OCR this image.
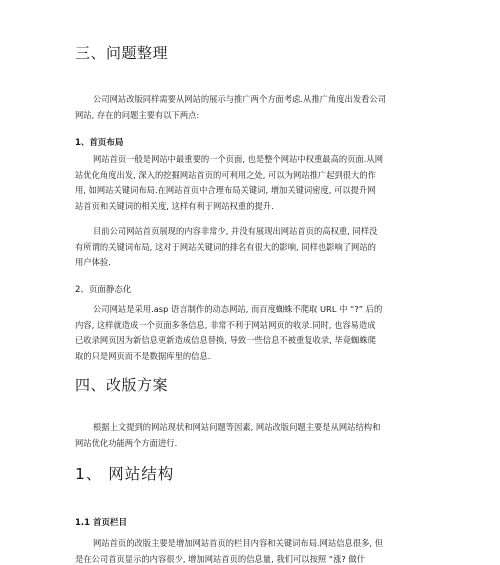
三、问题整理

公司网站改版同样需要从网站的展示与推广两个方面考虑.从推广角度出发看公司
网站, 存在的问题主要有以下两点:

1、首页布局

网站首页一般是网站中最重要的一个页面, 也是整个网站中权重最高的页面.从网
站优化角度出发, 深入的挖掘网站首页的可利用之处, 可以为网站推广起到很大的作
用, 如网站关键词布局.在网站首页中合理布局关键词, 增加关键词密度, 可以提升网
站首页和关键词的相关度, 这样有利于网站权重的提升.

目前公司网站首页展现的内容非常少, 并没有展现出网站首页的高权重, 同样没
有所谓的关键词布局, 这对于网站关键词的排名有很大的影响, 同样也影响了网站的
用户体验.

2、页面静态化

公司网站是采用.asp 语言制作的动态网站, 而百度蜘蛛不爬取 URL 中 “?” 后的
内容, 这样就造成一个页面多条信息, 非常不利于网站网页的收录.同时, 也容易造成
已收录网页因为新信息更新造成信息替换, 导致一些信息不被重复收录, 毕竟蜘蛛爬
取的只是网页而不是数据库里的信息.

四、改版方案

根据上文提到的网站现状和网站问题等因素, 网站改版问题主要是从网站结构和
网站优化功能两个方面进行.

1、 网站结构
1.1 首页栏目

网站首页的改版主要是增加网站首页的栏目内容和关键词布局.网站信息很多, 但
是在公司首页显示的内容很少, 增加网站首页的信息量, 我们可以按照 “涨? 做什
